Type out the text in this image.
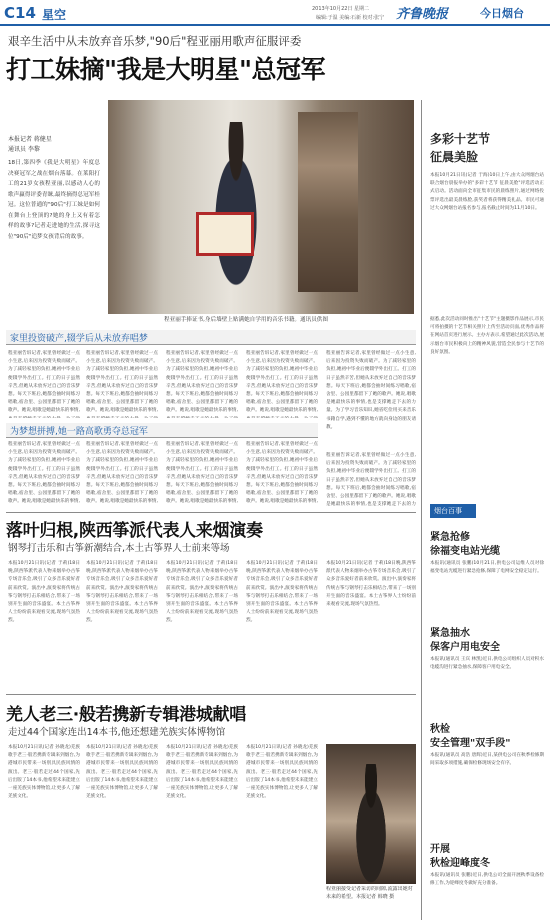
C14 星空	2013年10月22日 星期二
编辑:于温 美编:石新 校对:张宁 齐鲁晚报	今日烟台
艰辛生活中从未放弃音乐梦,"90后"程亚丽用歌声征服评委
打工妹摘"我是大明星"总冠军
本报记者 蒋健星
通讯员 李黎
18日,第四季《我是大明星》年度总决赛冠军之战在烟台落幕。在莱阳打工的21岁女孩程亚丽,以感动人心的歌声赢得评委青睐,最终摘得总冠军桂冠。这位普通的"90后"打工妹是如何在舞台上登顶的?她的身上又有着怎样的故事?记者走进她的生活,探寻这位"90后"追梦女孩背后的故事。
程亚丽手捧证书,身后墙壁上贴满她自学用的音乐书籍。通讯员供图
家里投资破产,辍学后从未放弃唱梦
程亚丽告诉记者,家里曾经做过一点小生意,后来因为投资失败而破产。为了减轻家里的负担,她初中毕业后便辍学外出打工。打工的日子虽然辛苦,但她从未放弃过自己的音乐梦想。每天下班后,她都会抽时间练习唱歌,宿舍里、公园里都留下了她的歌声。她说,唱歌是她最快乐的事情,
程亚丽告诉记者,家里曾经做过一点小生意,后来因为投资失败而破产。为了减轻家里的负担,她初中毕业后便辍学外出打工。打工的日子虽然辛苦,但她从未放弃过自己的音乐梦想。每天下班后,她都会抽时间练习唱歌,宿舍里、公园里都留下了她的歌声。她说,唱歌是她最快乐的事情,
程亚丽告诉记者,家里曾经做过一点小生意,后来因为投资失败而破产。为了减轻家里的负担,她初中毕业后便辍学外出打工。打工的日子虽然辛苦,但她从未放弃过自己的音乐梦想。每天下班后,她都会抽时间练习唱歌,宿舍里、公园里都留下了她的歌声。她说,唱歌是她最快乐的事情,
程亚丽告诉记者,家里曾经做过一点小生意,后来因为投资失败而破产。为了减轻家里的负担,她初中毕业后便辍学外出打工。打工的日子虽然辛苦,但她从未放弃过自己的音乐梦想。每天下班后,她都会抽时间练习唱歌,宿舍里、公园里都留下了她的歌声。她说,唱歌是她最快乐的事情,
程亚丽告诉记者,家里曾经做过一点小生意,后来因为投资失败而破产。为了减轻家里的负担,她初中毕业后便辍学外出打工。打工的日子虽然辛苦,但她从未放弃过自己的音乐梦想。每天下班后,她都会抽时间练习唱歌,宿舍里、公园里都留下了她的歌声。她说,唱歌是她最快乐的事情,也是支撑她走下去的力量。为了学习音乐知识,她省吃俭用买来音乐书籍自学,遇到不懂的地方就向身边的朋友请教。
为梦想拼搏,她一路高歌勇夺总冠军
程亚丽告诉记者,家里曾经做过一点小生意,后来因为投资失败而破产。为了减轻家里的负担,她初中毕业后便辍学外出打工。打工的日子虽然辛苦,但她从未放弃过自己的音乐梦想。每天下班后,她都会抽时间练习唱歌,宿舍里、公园里都留下了她的歌声。她说,唱歌是她最快乐的事情,
程亚丽告诉记者,家里曾经做过一点小生意,后来因为投资失败而破产。为了减轻家里的负担,她初中毕业后便辍学外出打工。打工的日子虽然辛苦,但她从未放弃过自己的音乐梦想。每天下班后,她都会抽时间练习唱歌,宿舍里、公园里都留下了她的歌声。她说,唱歌是她最快乐的事情,
程亚丽告诉记者,家里曾经做过一点小生意,后来因为投资失败而破产。为了减轻家里的负担,她初中毕业后便辍学外出打工。打工的日子虽然辛苦,但她从未放弃过自己的音乐梦想。每天下班后,她都会抽时间练习唱歌,宿舍里、公园里都留下了她的歌声。她说,唱歌是她最快乐的事情,
程亚丽告诉记者,家里曾经做过一点小生意,后来因为投资失败而破产。为了减轻家里的负担,她初中毕业后便辍学外出打工。打工的日子虽然辛苦,但她从未放弃过自己的音乐梦想。每天下班后,她都会抽时间练习唱歌,宿舍里、公园里都留下了她的歌声。她说,唱歌是她最快乐的事情,
程亚丽告诉记者,家里曾经做过一点小生意,后来因为投资失败而破产。为了减轻家里的负担,她初中毕业后便辍学外出打工。打工的日子虽然辛苦,但她从未放弃过自己的音乐梦想。每天下班后,她都会抽时间练习唱歌,宿舍里、公园里都留下了她的歌声。她说,唱歌是她最快乐的事情,也是支撑她走下去的力
多彩十艺节
征晨美脸
本报10月21日讯(记者 于海)10日上午,由大众网烟台站联合烟台晨报举办的"多彩十艺节 征晨美脸"评选活动正式启动。活动面向全市征集市民的晨练照片,通过网络投票评选出最美晨练脸,获奖者将获得精美礼品。市民可通过大众网烟台站报名参与,报名截止时间为11月10日。
据悉,此次活动同时推出"十艺节"主题摄影作品展示,市民可将拍摄的十艺节相关照片上传至活动页面,优秀作品将在网站首页进行展示。主办方表示,希望通过此次活动,展示烟台市民积极向上的精神风貌,营造全民参与十艺节的良好氛围。
烟台百事
紧急抢修
徐福变电站光缆
本报讯(通讯员 张鹏)10月21日,供电公司运维人员对徐福变电站光缆进行紧急抢修,保障了电网安全稳定运行。
紧急抽水
保客户用电安全
本报讯(通讯员 王宾 林凯)近日,供电公司组织人员对积水电缆沟进行紧急抽水,保障客户用电安全。
秋检
安全管理"双手段"
本报讯(通讯员 高浩 唐辉)近日,某供电公司在秋季检修期间采取多项措施,确保检修现场安全有序。
开展
秋检迎峰度冬
本报讯(通讯员 张鹏)近日,供电公司全面开展秋季设备检修工作,为迎峰度冬做好充分准备。
落叶归根,陕西筝派代表人来烟演奏
钢琴打击乐和古筝新潮结合,本土古筝界人士前来等场
本报10月21日讯(记者 于莉)18日晚,陕西筝派代表人物来烟举办古筝专场音乐会,吸引了众多音乐爱好者前来欣赏。演出中,演奏家将传统古筝与钢琴打击乐相结合,带来了一场别开生面的音乐盛宴。本土古筝界人士纷纷前来观看交流,现场气氛热烈。
本报10月21日讯(记者 于莉)18日晚,陕西筝派代表人物来烟举办古筝专场音乐会,吸引了众多音乐爱好者前来欣赏。演出中,演奏家将传统古筝与钢琴打击乐相结合,带来了一场别开生面的音乐盛宴。本土古筝界人士纷纷前来观看交流,现场气氛热烈。
本报10月21日讯(记者 于莉)18日晚,陕西筝派代表人物来烟举办古筝专场音乐会,吸引了众多音乐爱好者前来欣赏。演出中,演奏家将传统古筝与钢琴打击乐相结合,带来了一场别开生面的音乐盛宴。本土古筝界人士纷纷前来观看交流,现场气氛热烈。
本报10月21日讯(记者 于莉)18日晚,陕西筝派代表人物来烟举办古筝专场音乐会,吸引了众多音乐爱好者前来欣赏。演出中,演奏家将传统古筝与钢琴打击乐相结合,带来了一场别开生面的音乐盛宴。本土古筝界人士纷纷前来观看交流,现场气氛热烈。
本报10月21日讯(记者 于莉)18日晚,陕西筝派代表人物来烟举办古筝专场音乐会,吸引了众多音乐爱好者前来欣赏。演出中,演奏家将传统古筝与钢琴打击乐相结合,带来了一场别开生面的音乐盛宴。本土古筝界人士纷纷前来观看交流,现场气氛热烈。
羌人老三·般若携新专辑港城献唱
走过44个国家连出14本书,他还想建羌族实体博物馆
本报10月21日讯(记者 孙晓龙)羌族歌手老三·般若携新专辑来到烟台,为港城市民带来一场别具民族风情的演出。老三·般若走过44个国家,先后出版了14本书,他希望未来能建立一座羌族实体博物馆,让更多人了解羌族文化。
本报10月21日讯(记者 孙晓龙)羌族歌手老三·般若携新专辑来到烟台,为港城市民带来一场别具民族风情的演出。老三·般若走过44个国家,先后出版了14本书,他希望未来能建立一座羌族实体博物馆,让更多人了解羌族文化。
本报10月21日讯(记者 孙晓龙)羌族歌手老三·般若携新专辑来到烟台,为港城市民带来一场别具民族风情的演出。老三·般若走过44个国家,先后出版了14本书,他希望未来能建立一座羌族实体博物馆,让更多人了解羌族文化。
本报10月21日讯(记者 孙晓龙)羌族歌手老三·般若携新专辑来到烟台,为港城市民带来一场别具民族风情的演出。老三·般若走过44个国家,先后出版了14本书,他希望未来能建立一座羌族实体博物馆,让更多人了解羌族文化。
程亚丽接受记者采访的间隙,流露出她对未来的希望。本报记者 韩晓 摄
